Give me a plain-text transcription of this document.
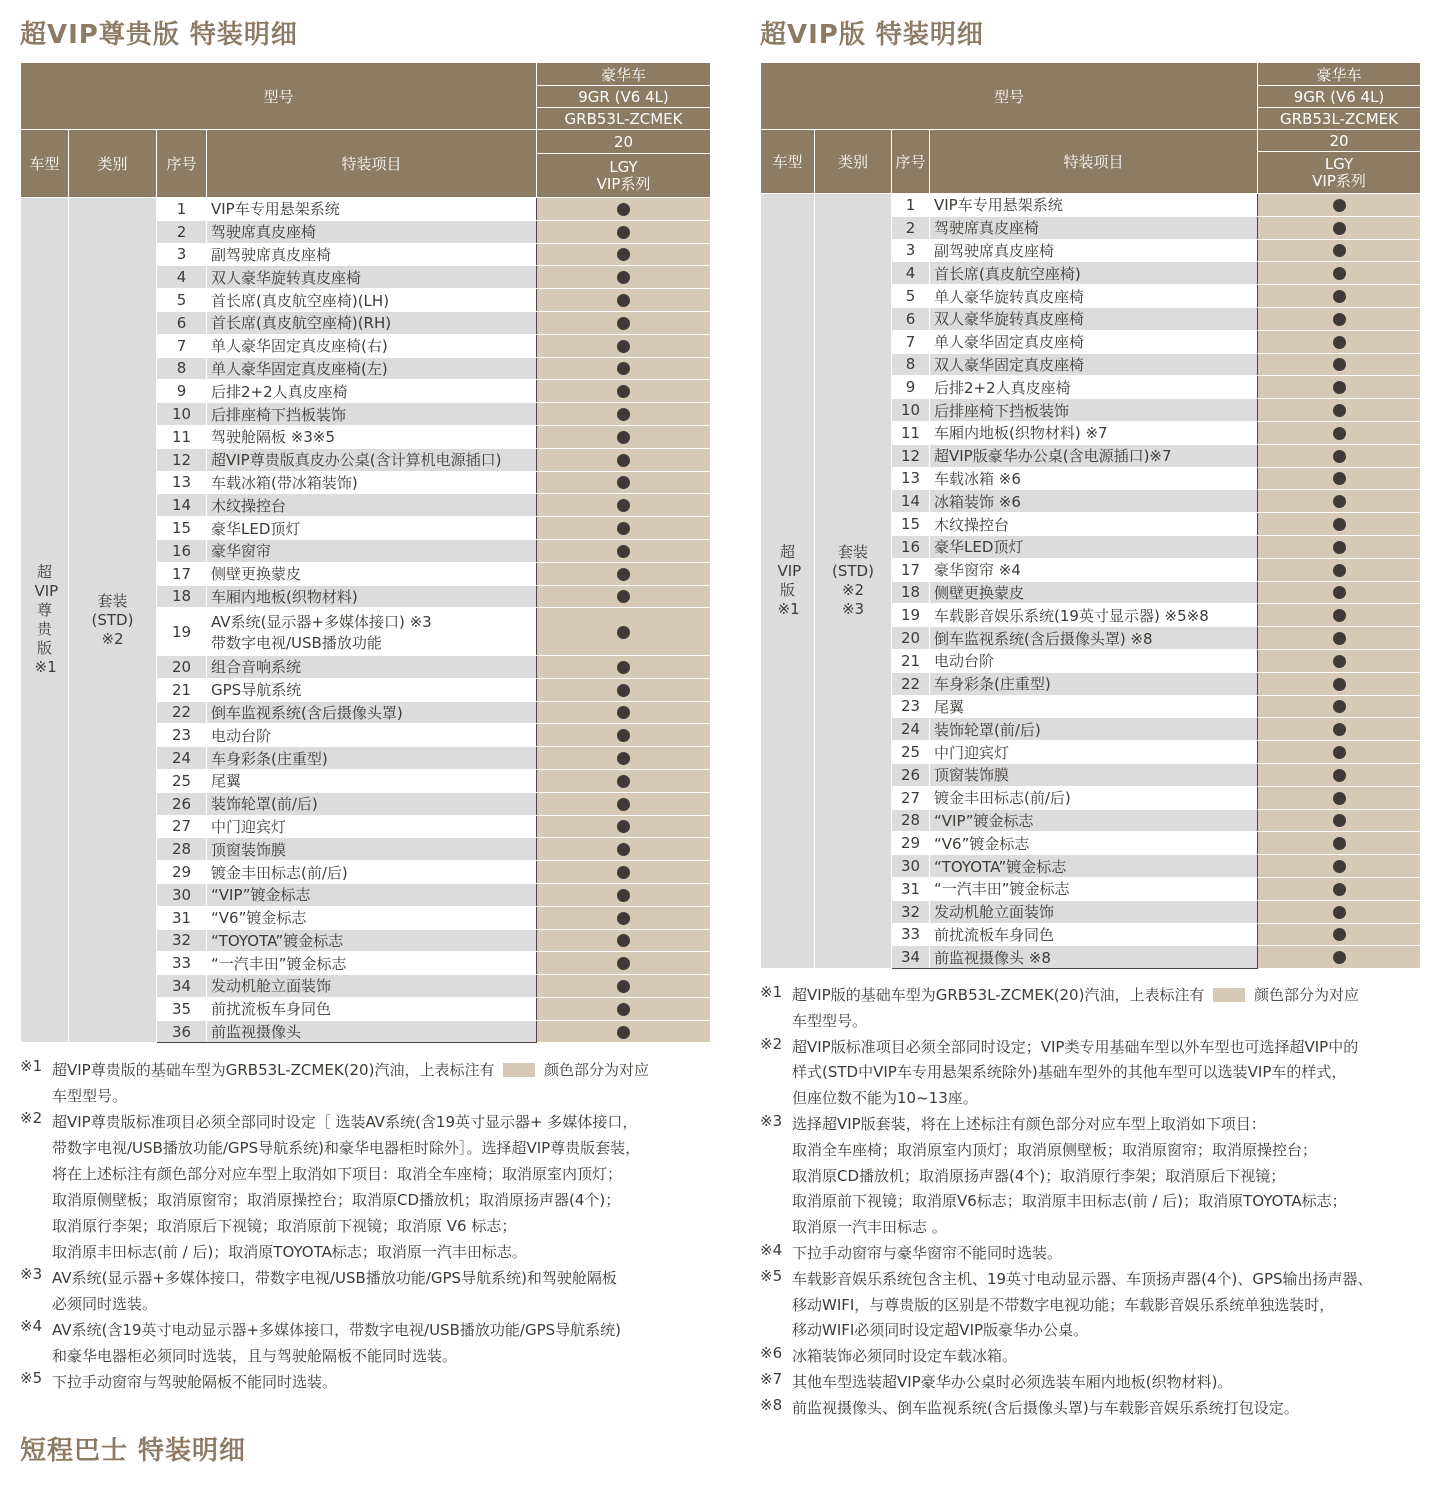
超VIP尊贵版 特装明细
型号				豪华车
				9GR (V6 4L)
				GRB53L-ZCMEK
车型	类别	序号	特装项目	20

				LGY
VIP系列

超VIP尊贵版※1	套装
(STD)
※2	1	VIP车专用悬架系统	

		2	驾驶席真皮座椅	

		3	副驾驶席真皮座椅	

		4	双人豪华旋转真皮座椅	

		5	首长席(真皮航空座椅)(LH)	

		6	首长席(真皮航空座椅)(RH)	

		7	单人豪华固定真皮座椅(右)	

		8	单人豪华固定真皮座椅(左)	

		9	后排2+2人真皮座椅	

		10	后排座椅下挡板装饰	

		11	驾驶舱隔板 ※3※5	

		12	超VIP尊贵版真皮办公桌(含计算机电源插口)	

		13	车载冰箱(带冰箱装饰)	

		14	木纹操控台	

		15	豪华LED顶灯	

		16	豪华窗帘	

		17	侧壁更换蒙皮	

		18	车厢内地板(织物材料)	

		19	AV系统(显示器+多媒体接口) ※3
带数字电视/USB播放功能	

		20	组合音响系统	

		21	GPS导航系统	

		22	倒车监视系统(含后摄像头罩)	

		23	电动台阶	

		24	车身彩条(庄重型)	

		25	尾翼	

		26	装饰轮罩(前/后)	

		27	中门迎宾灯	

		28	顶窗装饰膜	

		29	镀金丰田标志(前/后)	

		30	“VIP”镀金标志	

		31	“V6”镀金标志	

		32	“TOYOTA”镀金标志	

		33	“一汽丰田”镀金标志	

		34	发动机舱立面装饰	

		35	前扰流板车身同色	

		36	前监视摄像头	

※1 超VIP尊贵版的基础车型为GRB53L-ZCMEK(20)汽油，上表标注有	颜色部分为对应
车型型号。
※2 超VIP尊贵版标准项目必须全部同时设定［ 选装AV系统(含19英寸显示器+ 多媒体接口，
带数字电视/USB播放功能/GPS导航系统)和豪华电器柜时除外］。选择超VIP尊贵版套装，
将在上述标注有颜色部分对应车型上取消如下项目：取消全车座椅；取消原室内顶灯；
取消原侧壁板；取消原窗帘；取消原操控台；取消原CD播放机；取消原扬声器(4个)；
取消原行李架；取消原后下视镜；取消原前下视镜；取消原 V6 标志；
取消原丰田标志(前 / 后)；取消原TOYOTA标志；取消原一汽丰田标志。
※3 AV系统(显示器+多媒体接口，带数字电视/USB播放功能/GPS导航系统)和驾驶舱隔板
必须同时选装。
※4 AV系统(含19英寸电动显示器+多媒体接口，带数字电视/USB播放功能/GPS导航系统)
和豪华电器柜必须同时选装，且与驾驶舱隔板不能同时选装。
※5 下拉手动窗帘与驾驶舱隔板不能同时选装。
超VIP版 特装明细
型号				豪华车
				9GR (V6 4L)
				GRB53L-ZCMEK
车型	类别	序号	特装项目	20

				LGY
VIP系列

超VIP版※1	套装
(STD)
※2
※3	1	VIP车专用悬架系统	

		2	驾驶席真皮座椅	

		3	副驾驶席真皮座椅	

		4	首长席(真皮航空座椅)	

		5	单人豪华旋转真皮座椅	

		6	双人豪华旋转真皮座椅	

		7	单人豪华固定真皮座椅	

		8	双人豪华固定真皮座椅	

		9	后排2+2人真皮座椅	

		10	后排座椅下挡板装饰	

		11	车厢内地板(织物材料) ※7	

		12	超VIP版豪华办公桌(含电源插口)※7	

		13	车载冰箱 ※6	

		14	冰箱装饰 ※6	

		15	木纹操控台	

		16	豪华LED顶灯	

		17	豪华窗帘 ※4	

		18	侧壁更换蒙皮	

		19	车载影音娱乐系统(19英寸显示器) ※5※8	

		20	倒车监视系统(含后摄像头罩) ※8	

		21	电动台阶	

		22	车身彩条(庄重型)	

		23	尾翼	

		24	装饰轮罩(前/后)	

		25	中门迎宾灯	

		26	顶窗装饰膜	

		27	镀金丰田标志(前/后)	

		28	“VIP”镀金标志	

		29	“V6”镀金标志	

		30	“TOYOTA”镀金标志	

		31	“一汽丰田”镀金标志	

		32	发动机舱立面装饰	

		33	前扰流板车身同色	

		34	前监视摄像头 ※8	

※1 超VIP版的基础车型为GRB53L-ZCMEK(20)汽油，上表标注有	颜色部分为对应
车型型号。
※2 超VIP版标准项目必须全部同时设定；VIP类专用基础车型以外车型也可选择超VIP中的
样式(STD中VIP车专用悬架系统除外)基础车型外的其他车型可以选装VIP车的样式，
但座位数不能为10~13座。
※3 选择超VIP版套装，将在上述标注有颜色部分对应车型上取消如下项目：
取消全车座椅；取消原室内顶灯；取消原侧壁板；取消原窗帘；取消原操控台；
取消原CD播放机；取消原扬声器(4个)；取消原行李架；取消原后下视镜；
取消原前下视镜；取消原V6标志；取消原丰田标志(前 / 后)；取消原TOYOTA标志；
取消原一汽丰田标志 。
※4 下拉手动窗帘与豪华窗帘不能同时选装。
※5 车载影音娱乐系统包含主机、19英寸电动显示器、车顶扬声器(4个)、GPS输出扬声器、
移动WIFI，与尊贵版的区别是不带数字电视功能；车载影音娱乐系统单独选装时，
移动WIFI必须同时设定超VIP版豪华办公桌。
※6 冰箱装饰必须同时设定车载冰箱。
※7 其他车型选装超VIP豪华办公桌时必须选装车厢内地板(织物材料)。
※8 前监视摄像头、倒车监视系统(含后摄像头罩)与车载影音娱乐系统打包设定。
短程巴士 特装明细
